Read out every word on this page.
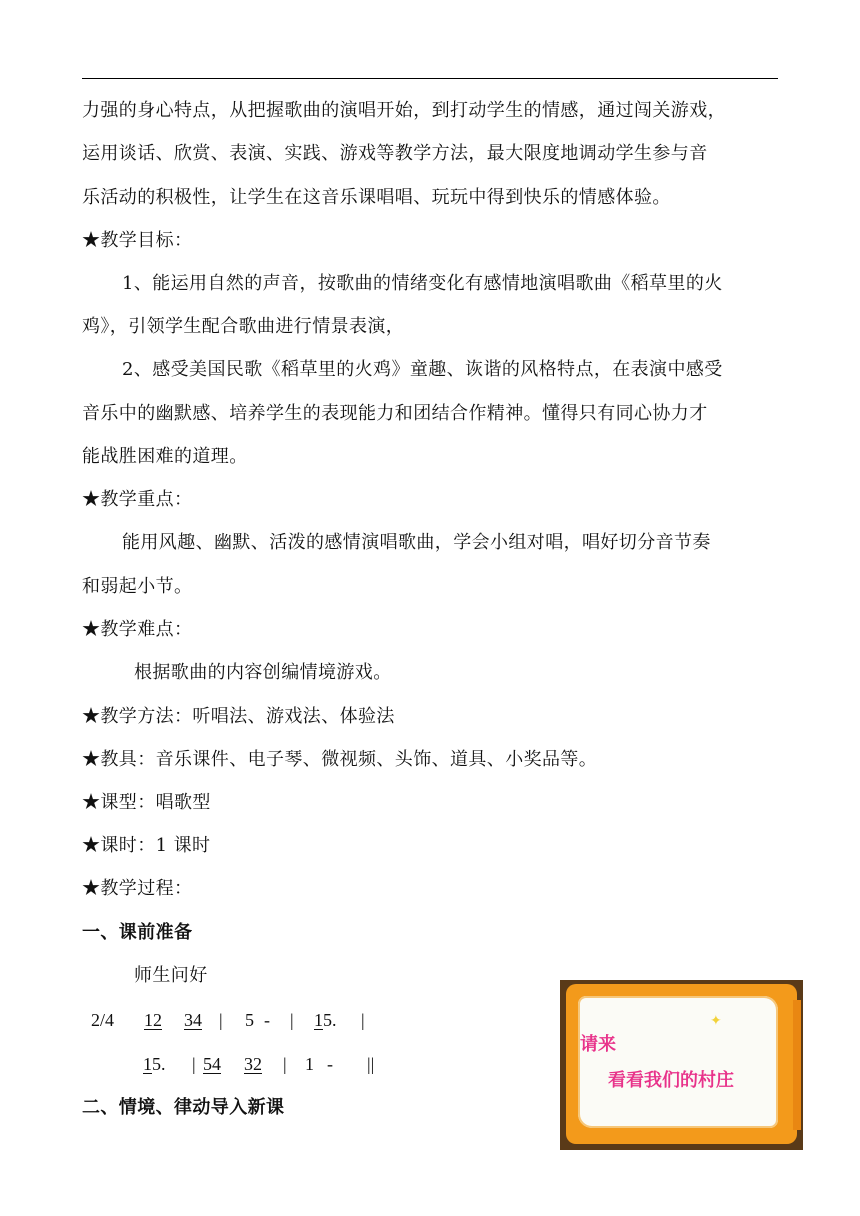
力强的身心特点，从把握歌曲的演唱开始，到打动学生的情感，通过闯关游戏，
运用谈话、欣赏、表演、实践、游戏等教学方法，最大限度地调动学生参与音
乐活动的积极性，让学生在这音乐课唱唱、玩玩中得到快乐的情感体验。
★教学目标：
1、能运用自然的声音，按歌曲的情绪变化有感情地演唱歌曲《稻草里的火
鸡》，引领学生配合歌曲进行情景表演，
2、感受美国民歌《稻草里的火鸡》童趣、诙谐的风格特点，在表演中感受
音乐中的幽默感、培养学生的表现能力和团结合作精神。懂得只有同心协力才
能战胜困难的道理。
★教学重点：
能用风趣、幽默、活泼的感情演唱歌曲，学会小组对唱，唱好切分音节奏
和弱起小节。
★教学难点：
根据歌曲的内容创编情境游戏。
★教学方法：听唱法、游戏法、体验法
★教具：音乐课件、电子琴、微视频、头饰、道具、小奖品等。
★课型：唱歌型
★课时：1 课时
★教学过程：
一、课前准备
师生问好
2/4 12 34 | 5 - | 1 5. |
1 5. | 54 32 | 1 - ||
二、情境、律动导入新课
✦
请来
看看我们的村庄
